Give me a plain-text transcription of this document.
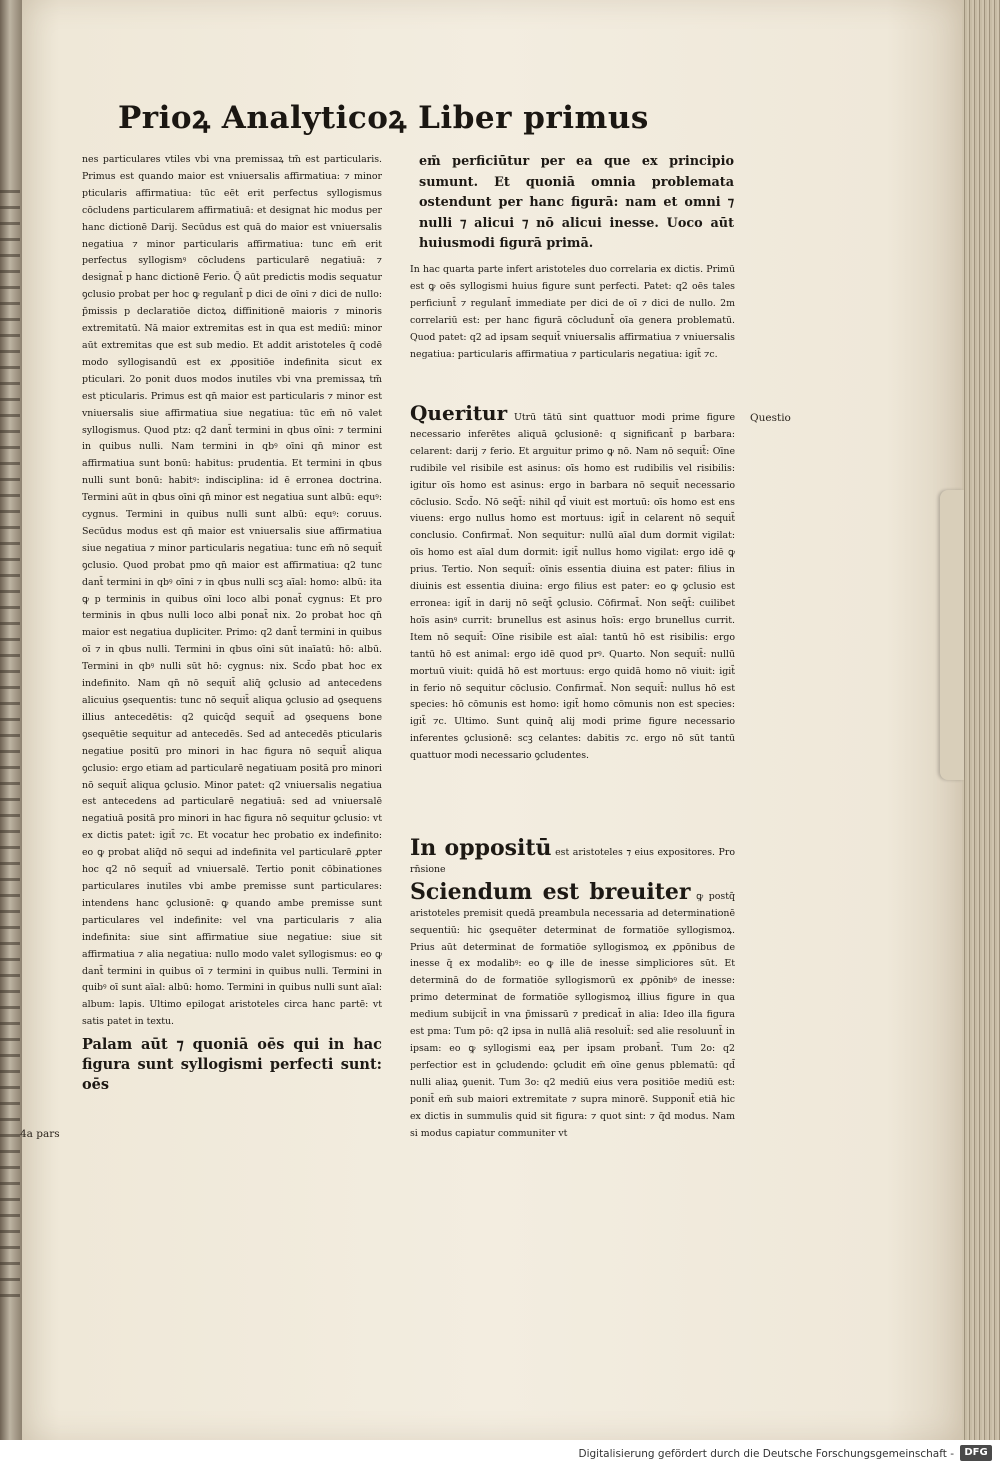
Prioꝝ Analyticoꝝ Liber primus

nes particulares vtiles vbi vna premissaꝝ tm̄ est particularis. Primus est quando maior est vniuersalis affirmatiua: ⁊ minor pticularis affirmatiua: tūc eēt erit perfectus syllogismus cōcludens particularem affirmatiuā: et designat hic modus per hanc dictionē Darij. Secūdus est quā do maior est vniuersalis negatiua ⁊ minor particularis affirmatiua: tunc em̄ erit perfectus syllogismꝰ cōcludens particularē negatiuā: ⁊ designat̄ p hanc dictionē Ferio. Q̄ aūt predictis modis sequatur ꝯclusio probat per hoc ꝙ regulant̄ p dici de oīni ⁊ dici de nullo: p̄missis p declaratiōe dictoꝝ diffinitionē maioris ⁊ minoris extremitatū. Nā maior extremitas est in qua est mediū: minor aūt extremitas que est sub medio. Et addit aristoteles q̄ codē modo syllogisandū est ex ꝓpositiōe indefinita sicut ex pticulari. 2o ponit duos modos inutiles vbi vna premissaꝝ tm̄ est pticularis. Primus est qn̄ maior est particularis ⁊ minor est vniuersalis siue affirmatiua siue negatiua: tūc em̄ nō valet syllogismus. Quod ptz: q2 dant̄ termini in qbus oīni: ⁊ termini in quibus nulli. Nam termini in qbꝰ oīni qn̄ minor est affirmatiua sunt bonū: habitus: prudentia. Et termini in qbus nulli sunt bonū: habitꝰ: indisciplina: id ē erronea doctrina. Termini aūt in qbus oīni qn̄ minor est negatiua sunt albū: equꝰ: cygnus. Termini in quibus nulli sunt albū: equꝰ: coruus. Secūdus modus est qn̄ maior est vniuersalis siue affirmatiua siue negatiua ⁊ minor particularis negatiua: tunc em̄ nō sequit̄ ꝯclusio. Quod probat pmo qn̄ maior est affirmatiua: q2 tunc dant̄ termini in qbꝰ oīni ⁊ in qbus nulli scꝫ aīal: homo: albū: ita ꝙ p terminis in quibus oīni loco albi ponat̄ cygnus: Et pro terminis in qbus nulli loco albi ponat̄ nix. 2o probat hoc qn̄ maior est negatiua dupliciter. Primo: q2 dant̄ termini in quibus oī ⁊ in qbus nulli. Termini in qbus oīni sūt inaīatū: hō: albū. Termini in qbꝰ nulli sūt hō: cygnus: nix. Scd̄o pbat hoc ex indefinito. Nam qn̄ nō sequit̄ aliq̄ ꝯclusio ad antecedens alicuius ꝯsequentis: tunc nō sequit̄ aliqua ꝯclusio ad ꝯsequens illius antecedētis: q2 quicq̄d sequit̄ ad ꝯsequens bone ꝯsequētie sequitur ad antecedēs. Sed ad antecedēs pticularis negatiue positū pro minori in hac figura nō sequit̄ aliqua ꝯclusio: ergo etiam ad particularē negatiuam positā pro minori nō sequit̄ aliqua ꝯclusio. Minor patet: q2 vniuersalis negatiua est antecedens ad particularē negatiuā: sed ad vniuersalē negatiuā positā pro minori in hac figura nō sequitur ꝯclusio: vt ex dictis patet: igit̄ ⁊c. Et vocatur hec probatio ex indefinito: eo ꝙ probat aliq̄d nō sequi ad indefinita vel particularē ꝓpter hoc q2 nō sequit̄ ad vniuersalē. Tertio ponit cōbinationes particulares inutiles vbi ambe premisse sunt particulares: intendens hanc ꝯclusionē: ꝙ quando ambe premisse sunt particulares vel indefinite: vel vna particularis ⁊ alia indefinita: siue sint affirmatiue siue negatiue: siue sit affirmatiua ⁊ alia negatiua: nullo modo valet syllogismus: eo ꝙ dant̄ termini in quibus oī ⁊ termini in quibus nulli. Termini in quibꝰ oī sunt aīal: albū: homo. Termini in quibus nulli sunt aīal: album: lapis. Ultimo epilogat aristoteles circa hanc partē: vt satis patet in textu.

Palam aūt ⁊ quoniā oēs qui in hac figura sunt syllogismi perfecti sunt: oēs

em̄ perficiūtur per ea que ex principio sumunt. Et quoniā omnia problemata ostendunt per hanc figurā: nam et omni ⁊ nulli ⁊ alicui ⁊ nō alicui inesse. Uoco aūt huiusmodi figurā primā.

In hac quarta parte infert aristoteles duo correlaria ex dictis. Primū est ꝙ oēs syllogismi huius figure sunt perfecti. Patet: q2 oēs tales perficiunt̄ ⁊ regulant̄ immediate per dici de oī ⁊ dici de nullo. 2m correlariū est: per hanc figurā cōcludunt̄ oīa genera problematū. Quod patet: q2 ad ipsam sequit̄ vniuersalis affirmatiua ⁊ vniuersalis negatiua: particularis affirmatiua ⁊ particularis negatiua: igit̄ ⁊c.

Queritur Utrū tātū sint quattuor modi prime figure necessario inferētes aliquā ꝯclusionē: q significant̄ p barbara: celarent: darij ⁊ ferio. Et arguitur primo ꝙ nō. Nam nō sequit̄: Oīne rudibile vel risibile est asinus: oīs homo est rudibilis vel risibilis: igitur oīs homo est asinus: ergo in barbara nō sequit̄ necessario cōclusio. Scd̄o. Nō seq̄t̄: nihil qd̄ viuit est mortuū: oīs homo est ens viuens: ergo nullus homo est mortuus: igit̄ in celarent nō sequit̄ conclusio. Confirmat̄. Non sequitur: nullū aīal dum dormit vigilat: oīs homo est aīal dum dormit: igit̄ nullus homo vigilat: ergo idē ꝙ prius. Tertio. Non sequit̄: oīnis essentia diuina est pater: filius in diuinis est essentia diuina: ergo filius est pater: eo ꝙ ꝯclusio est erronea: igit̄ in darij nō seq̄t̄ ꝯclusio. Cōfirmat̄. Non seq̄t̄: cuilibet hoīs asinꝰ currit: brunellus est asinus hoīs: ergo brunellus currit. Item nō sequit̄: Oīne risibile est aīal: tantū hō est risibilis: ergo tantū hō est animal: ergo idē quod prꝰ. Quarto. Non sequit̄: nullū mortuū viuit: quidā hō est mortuus: ergo quidā homo nō viuit: igit̄ in ferio nō sequitur cōclusio. Confirmat̄. Non sequit̄: nullus hō est species: hō cōmunis est homo: igit̄ homo cōmunis non est species: igit̄ ⁊c. Ultimo. Sunt quinq̄ alij modi prime figure necessario inferentes ꝯclusionē: scꝫ celantes: dabitis ⁊c. ergo nō sūt tantū quattuor modi necessario ꝯcludentes.

In oppositū est aristoteles ⁊ eius expositores. Pro rn̄sione

Sciendum est breuiter ꝙ postq̄ aristoteles premisit quedā preambula necessaria ad determinationē sequentiū: hic ꝯsequēter determinat de formatiōe syllogismoꝝ. Prius aūt determinat de formatiōe syllogismoꝝ ex ꝓpōnibus de inesse q̄ ex modalibꝰ: eo ꝙ ille de inesse simpliciores sūt. Et determinā do de formatiōe syllogismorū ex ꝓpōnibꝰ de inesse: primo determinat de formatiōe syllogismoꝝ illius figure in qua medium subijcit̄ in vna p̄missarū ⁊ predicat̄ in alia: Ideo illa figura est pma: Tum pō: q2 ipsa in nullā aliā resoluit̄: sed alie resoluunt̄ in ipsam: eo ꝙ syllogismi eaꝝ per ipsam probant̄. Tum 2o: q2 perfectior est in ꝯcludendo: ꝯcludit em̄ oīne genus pblematū: qd̄ nulli aliaꝝ ꝯuenit. Tum 3o: q2 mediū eius vera positiōe mediū est: ponit̄ em̄ sub maiori extremitate ⁊ supra minorē. Supponit̄ etiā hic ex dictis in summulis quid sit figura: ⁊ quot sint: ⁊ q̄d modus. Nam si modus capiatur communiter vt

Questio
4a pars
Digitalisierung gefördert durch die Deutsche Forschungsgemeinschaft -	DFG
